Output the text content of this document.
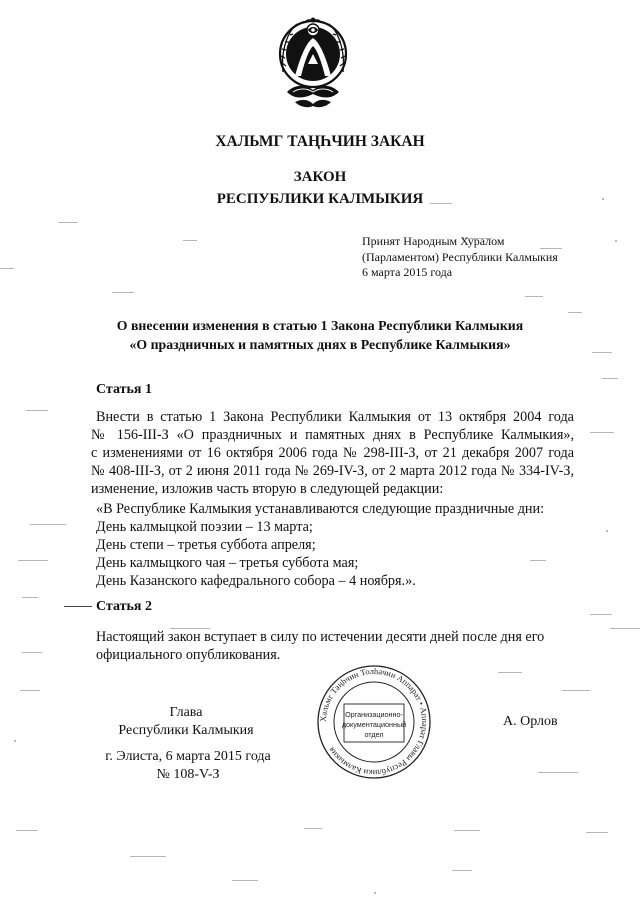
ХАЛЬМГ ТАҢҺЧИН ЗАКАН
ЗАКОН
РЕСПУБЛИКИ КАЛМЫКИЯ
Принят Народным Хуралом
(Парламентом) Республики Калмыкия
6 марта 2015 года
О внесении изменения в статью 1 Закона Республики Калмыкия
«О праздничных и памятных днях в Республике Калмыкия»
Статья 1
Внести в статью 1 Закона Республики Калмыкия от 13 октября 2004 года
№ 156-III-З «О праздничных и памятных днях в Республике Калмыкия»,
с изменениями от 16 октября 2006 года № 298-III-З, от 21 декабря 2007 года
№ 408-III-З, от 2 июня 2011 года № 269-IV-З, от 2 марта 2012 года № 334-IV-З,
изменение, изложив часть вторую в следующей редакции:
«В Республике Калмыкия устанавливаются следующие праздничные дни:
День калмыцкой поэзии – 13 марта;
День степи – третья суббота апреля;
День калмыцкого чая – третья суббота мая;
День Казанского кафедрального собора – 4 ноября.».
Статья 2
Настоящий закон вступает в силу по истечении десяти дней после дня его
официального опубликования.
Глава
Республики Калмыкия
А. Орлов
г. Элиста, 6 марта 2015 года
№ 108-V-З
Хальмг Таңһчин Толһачин Аппарат • Аппарат Главы Республики Калмыкия
Организационно-
документационный
отдел
